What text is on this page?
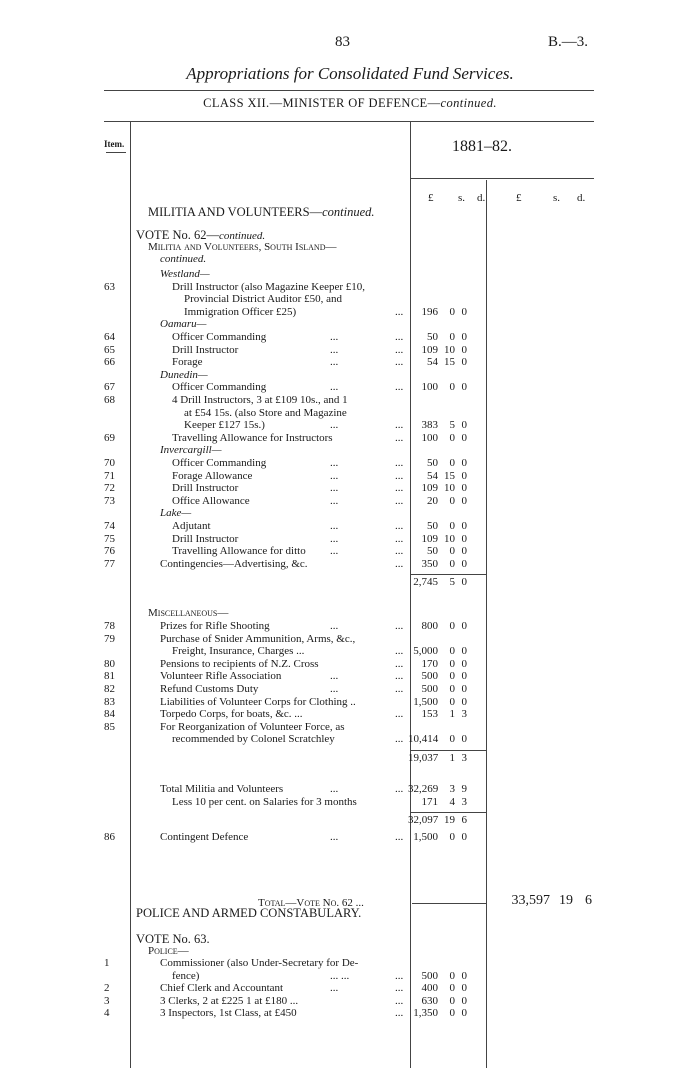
83	B.—3.
Appropriations for Consolidated Fund Services.
CLASS XII.—MINISTER OF DEFENCE—continued.
Item.	1881–82.
£ s. d.	£	s. d.
MILITIA AND VOLUNTEERS—continued.
VOTE No. 62—continued.
Militia and Volunteers, South Island—
continued.
Westland—
63	Drill Instructor (also Magazine Keeper £10,
Provincial District Auditor £50, and
Immigration Officer £25)	...	196	0 0
Oamaru—
64	Officer Commanding	...	...	50	0 0
65	Drill Instructor	...	...	109 10 0
66	Forage	...	...	54 15 0
Dunedin—
67	Officer Commanding	...	...	100	0 0
68	4 Drill Instructors, 3 at £109 10s., and 1
at £54 15s. (also Store and Magazine
Keeper £127 15s.)	...	...	383	5 0
69	Travelling Allowance for Instructors	...	100	0 0
Invercargill—
70	Officer Commanding	...	...	50	0 0
71	Forage Allowance	...	...	54 15 0
72	Drill Instructor	...	...	109 10 0
73	Office Allowance	...	...	20	0 0
Lake—
74	Adjutant	...	...	50	0 0
75	Drill Instructor	...	...	109 10 0
76	Travelling Allowance for ditto ...	...	50	0 0
77	Contingencies—Advertising, &c.	...	350	0 0
2,745	5 0
Miscellaneous—
78	Prizes for Rifle Shooting	...	...	800	0 0
79	Purchase of Snider Ammunition, Arms, &c.,
Freight, Insurance, Charges ...	... 5,000	0 0
80	Pensions to recipients of N.Z. Cross	...	170	0 0
81	Volunteer Rifle Association	...	...	500	0 0
82	Refund Customs Duty	...	...	500	0 0
83	Liabilities of Volunteer Corps for Clothing ..	1,500	0 0
84	Torpedo Corps, for boats, &c. ...	...	153	1 3
85	For Reorganization of Volunteer Force, as
recommended by Colonel Scratchley	... 10,414	0 0
19,037	1 3
Total Militia and Volunteers	...	... 32,269	3 9
Less 10 per cent. on Salaries for 3 months	171	4 3
32,097 19 6
86	Contingent Defence	...	... 1,500	0 0
Total—Vote No. 62 ...	33,597 19 6
POLICE AND ARMED CONSTABULARY.
VOTE No. 63.
Police—
1	Commissioner (also Under-Secretary for De-
fence)	... ...	...	500	0 0
2	Chief Clerk and Accountant	...	...	400	0 0
3	3 Clerks, 2 at £225 1 at £180 ...	...	630	0 0
4	3 Inspectors, 1st Class, at £450	... 1,350	0 0
